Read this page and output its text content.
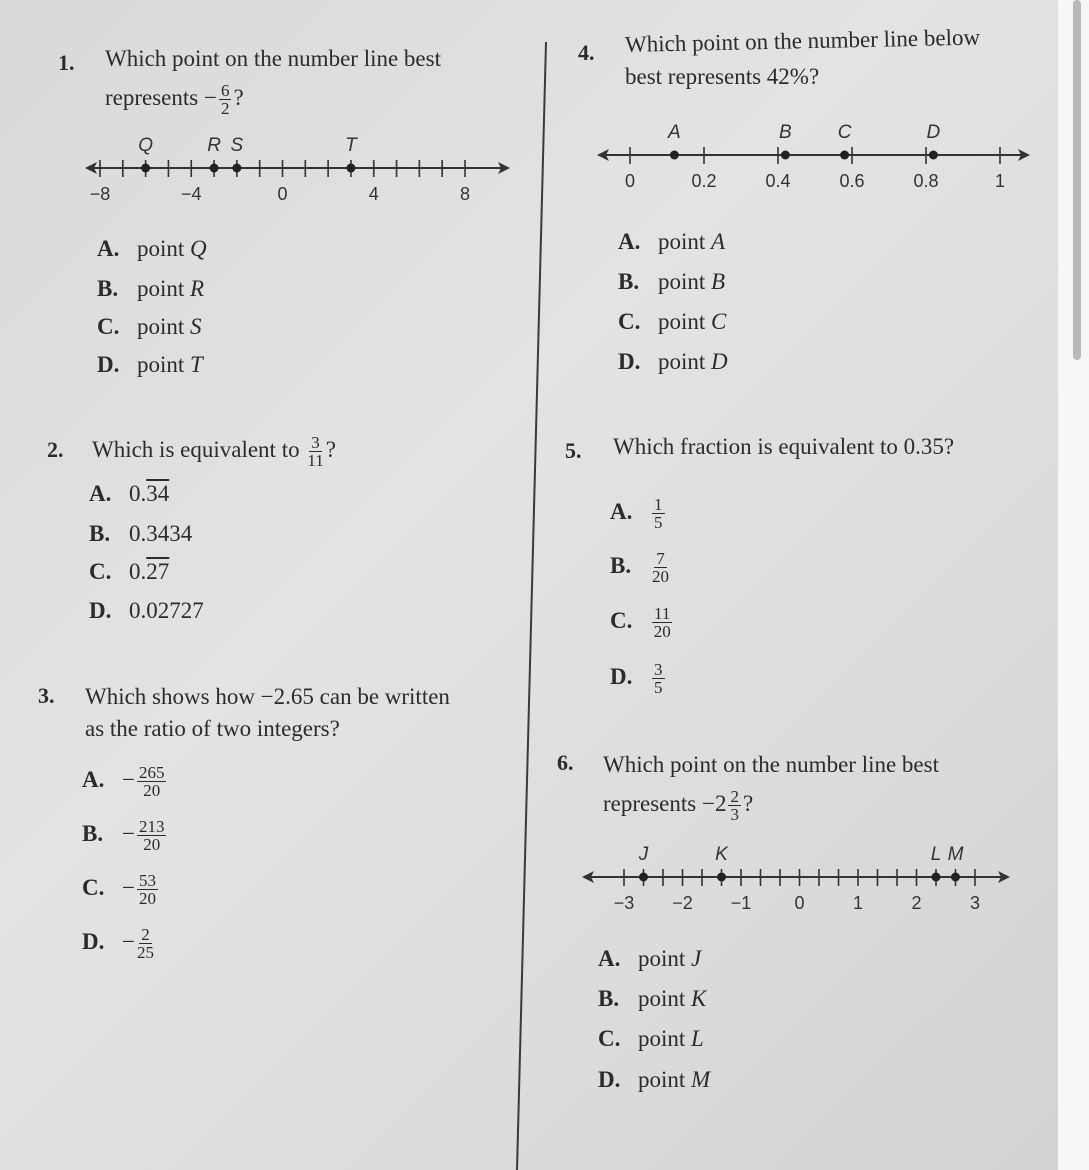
1. Which point on the number line best
represents − $\frac{6}{2}$ ?
−8	−4	0	4	8
Q	R S	T
A. point Q
B. point R
C. point S
D. point T
2. Which is equivalent to $\frac{3}{11}$ ?
A. 0.34
B. 0.3434
C. 0.27
D. 0.02727
3. Which shows how −2.65 can be written
as the ratio of two integers?
A. − $\frac{265}{20}$
B. − $\frac{213}{20}$
C. − $\frac{53}{20}$
D. − $\frac{2}{25}$
4. Which point on the number line below
best represents 42%?
0	0.2	0.4	0.6	0.8	1
A	B C	D
A. point A
B. point B
C. point C
D. point D
5. Which fraction is equivalent to 0.35?
A. $\frac{1}{5}$
B. $\frac{7}{20}$
C. $\frac{11}{20}$
D. $\frac{3}{5}$
6. Which point on the number line best
represents $-2 \frac{2}{3}$ ?
−3 −2 −1 0	1	2	3
J	K	L M
A. point J
B. point K
C. point L
D. point M
